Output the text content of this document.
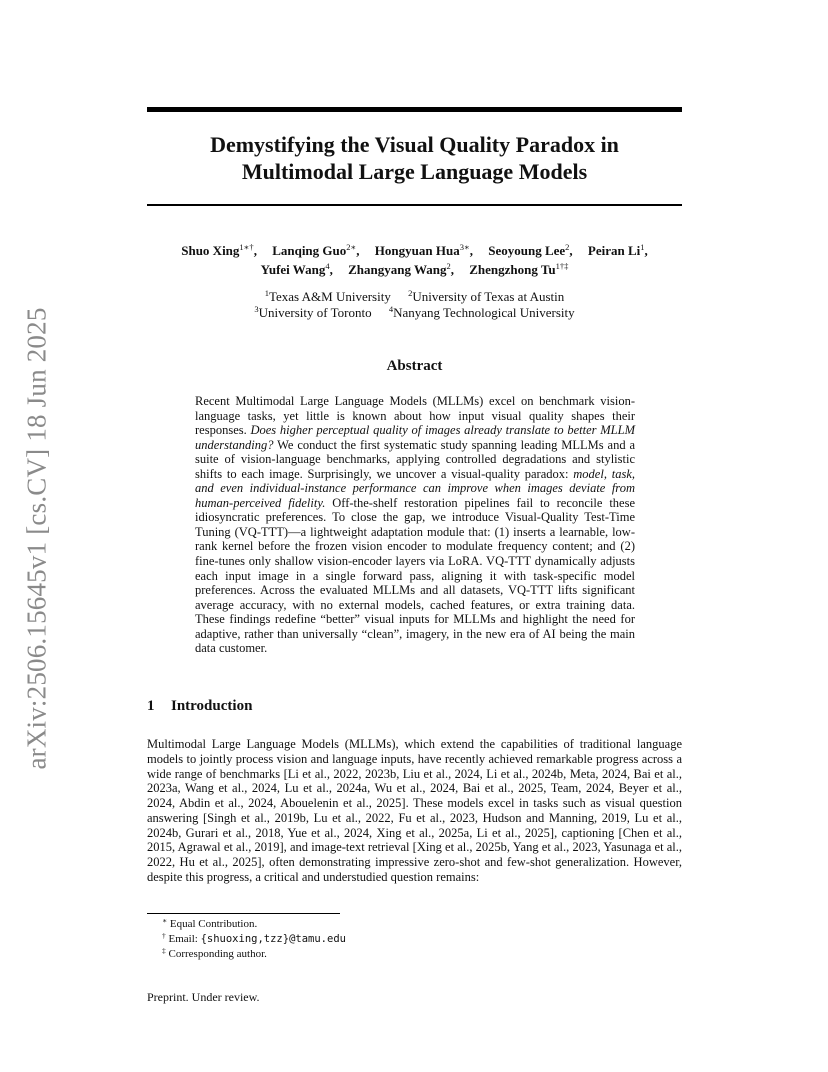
arXiv:2506.15645v1 [cs.CV] 18 Jun 2025
Demystifying the Visual Quality Paradox in
Multimodal Large Language Models
Shuo Xing$^{1∗\dagger}$, Lanqing Guo$^{2∗}$, Hongyuan Hua$^{3∗}$, Seoyoung Lee$^2$, Peiran Li$^1$,
Yufei Wang$^4$, Zhangyang Wang$^2$, Zhengzhong $Tu^{1\dagger\ddagger}$
$^1$Texas A&M University $^2$University of Texas at Austin
$^3$University of Toronto $^4$Nanyang Technological University
Abstract

Recent Multimodal Large Language Models (MLLMs) excel on benchmark vision-language tasks, yet little is known about how input visual quality shapes their responses. Does higher perceptual quality of images already translate to better MLLM understanding? We conduct the first systematic study spanning leading MLLMs and a suite of vision-language benchmarks, applying controlled degradations and stylistic shifts to each image. Surprisingly, we uncover a visual-quality paradox: model, task, and even individual-instance performance can improve when images deviate from human-perceived fidelity. Off-the-shelf restoration pipelines fail to reconcile these idiosyncratic preferences. To close the gap, we introduce Visual-Quality Test-Time Tuning (VQ-TTT)—a lightweight adaptation module that: (1) inserts a learnable, low-rank kernel before the frozen vision encoder to modulate frequency content; and (2) fine-tunes only shallow vision-encoder layers via LoRA. VQ-TTT dynamically adjusts each input image in a single forward pass, aligning it with task-specific model preferences. Across the evaluated MLLMs and all datasets, VQ-TTT lifts significant average accuracy, with no external models, cached features, or extra training data. These findings redefine “better” visual inputs for MLLMs and highlight the need for adaptive, rather than universally “clean”, imagery, in the new era of AI being the main data customer.

1 Introduction

Multimodal Large Language Models (MLLMs), which extend the capabilities of traditional language models to jointly process vision and language inputs, have recently achieved remarkable progress across a wide range of benchmarks [Li et al., 2022, 2023b, Liu et al., 2024, Li et al., 2024b, Meta, 2024, Bai et al., 2023a, Wang et al., 2024, Lu et al., 2024a, Wu et al., 2024, Bai et al., 2025, Team, 2024, Beyer et al., 2024, Abdin et al., 2024, Abouelenin et al., 2025]. These models excel in tasks such as visual question answering [Singh et al., 2019b, Lu et al., 2022, Fu et al., 2023, Hudson and Manning, 2019, Lu et al., 2024b, Gurari et al., 2018, Yue et al., 2024, Xing et al., 2025a, Li et al., 2025], captioning [Chen et al., 2015, Agrawal et al., 2019], and image-text retrieval [Xing et al., 2025b, Yang et al., 2023, Yasunaga et al., 2022, Hu et al., 2025], often demonstrating impressive zero-shot and few-shot generalization. However, despite this progress, a critical and understudied question remains:

∗ Equal Contribution.
† Email: {shuoxing,tzz}@tamu.edu
‡ Corresponding author.
Preprint. Under review.
